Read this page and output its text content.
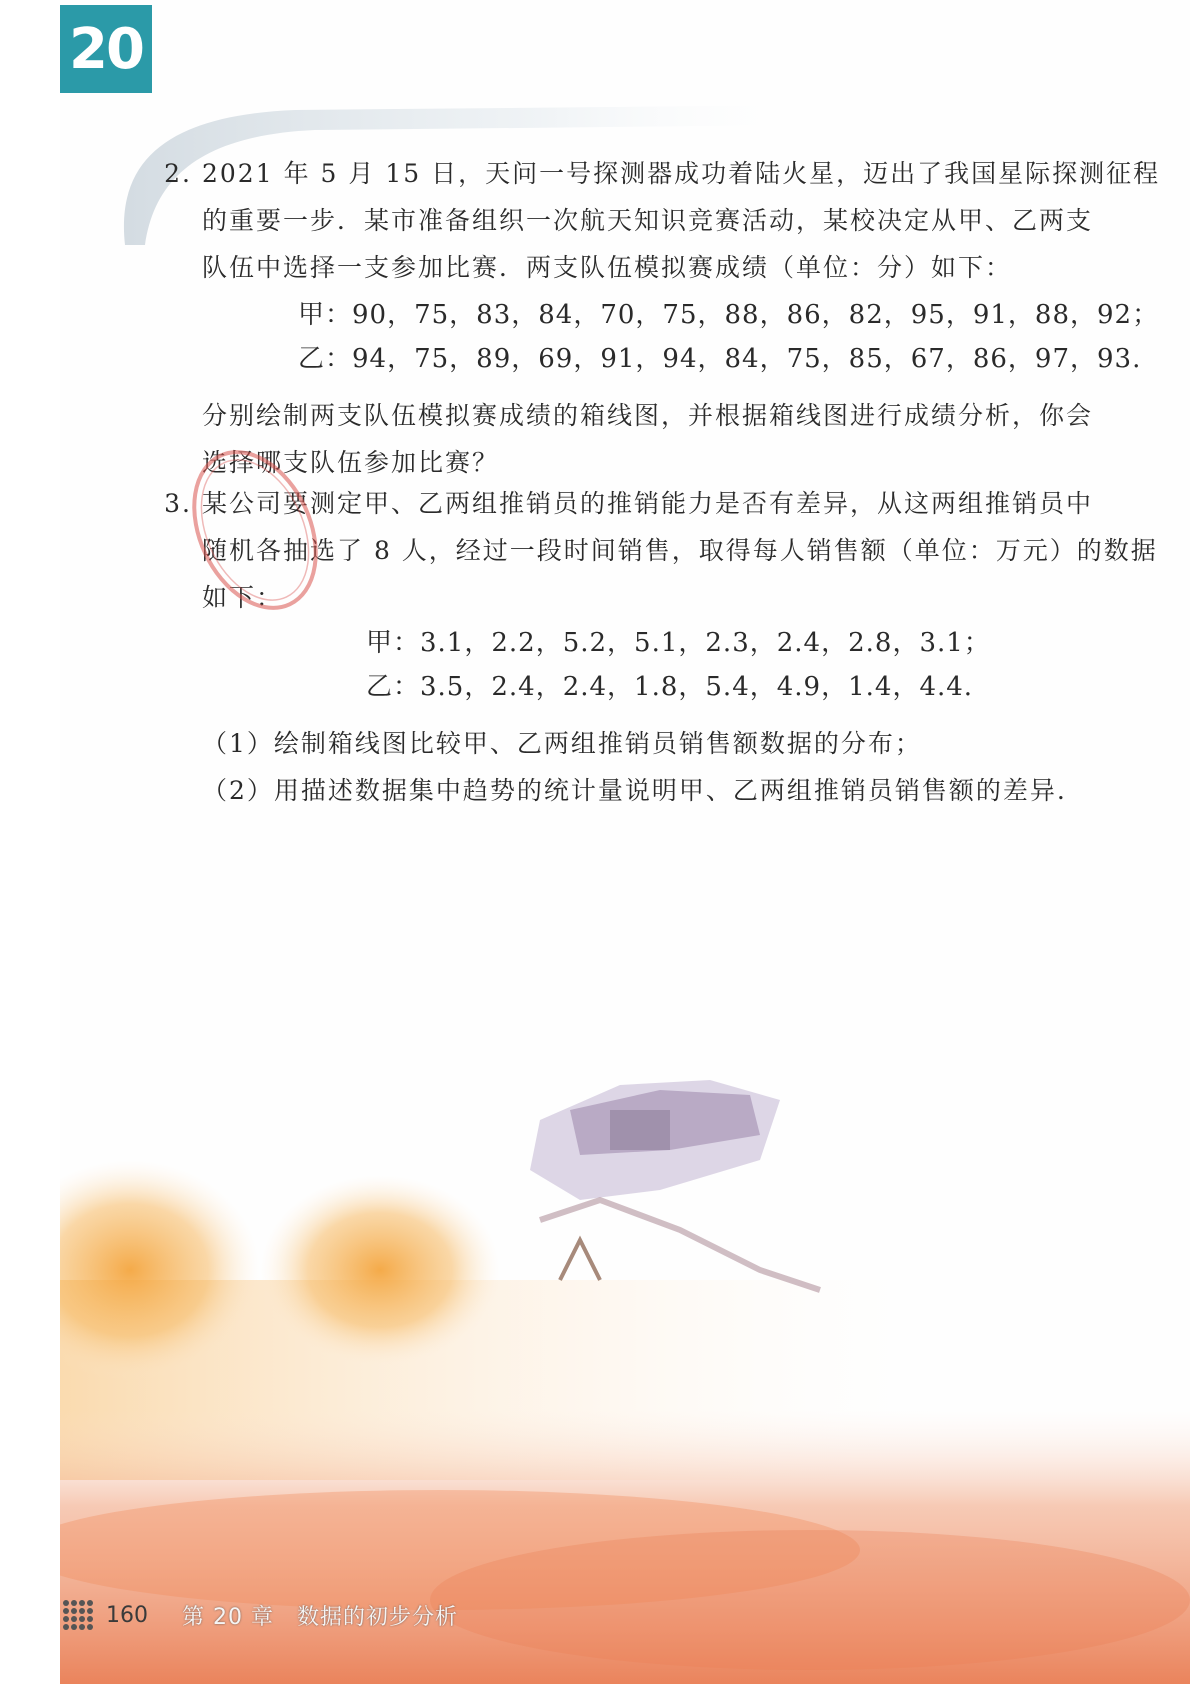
20
2. 2021 年 5 月 15 日，天问一号探测器成功着陆火星，迈出了我国星际探测征程
的重要一步．某市准备组织一次航天知识竞赛活动，某校决定从甲、乙两支
队伍中选择一支参加比赛．两支队伍模拟赛成绩（单位：分）如下：
甲：90，75，83，84，70，75，88，86，82，95，91，88，92；
乙：94，75，89，69，91，94，84，75，85，67，86，97，93.
分别绘制两支队伍模拟赛成绩的箱线图，并根据箱线图进行成绩分析，你会
选择哪支队伍参加比赛？
3. 某公司要测定甲、乙两组推销员的推销能力是否有差异，从这两组推销员中
随机各抽选了 8 人，经过一段时间销售，取得每人销售额（单位：万元）的数据
如下：
甲：3.1，2.2，5.2，5.1，2.3，2.4，2.8，3.1；
乙：3.5，2.4，2.4，1.8，5.4，4.9，1.4，4.4.
（1）绘制箱线图比较甲、乙两组推销员销售额数据的分布；
（2）用描述数据集中趋势的统计量说明甲、乙两组推销员销售额的差异.
160 第 20 章　数据的初步分析
